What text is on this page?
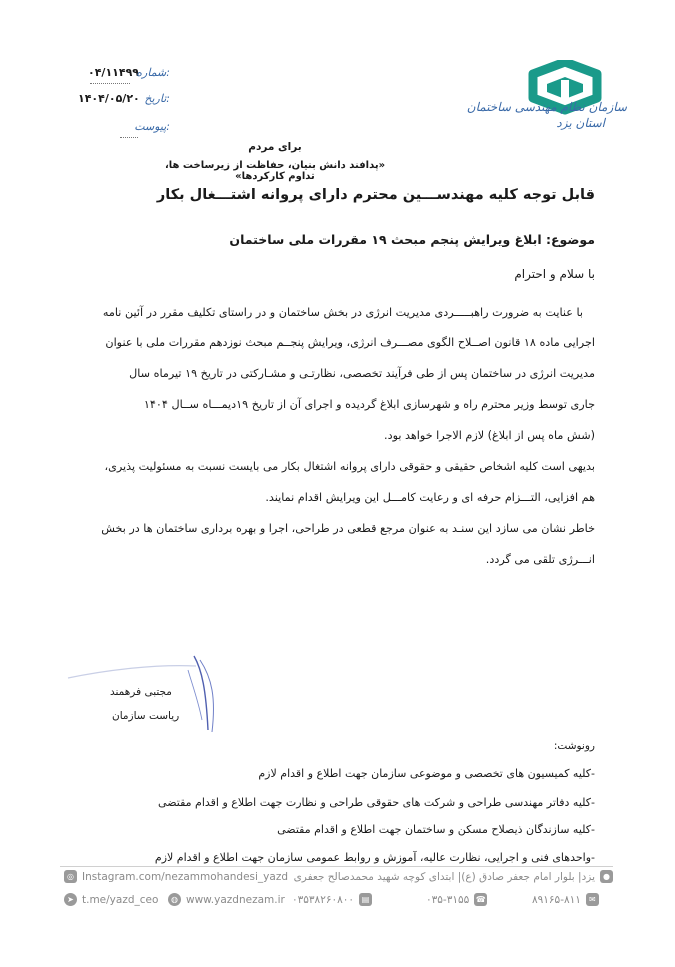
۰۴/۱۱۴۹۹
شماره:
۱۴۰۴/۰۵/۲۰ تاریخ:
پیوست:
سازمان نظام مهندسی ساختمان
استان یزد
برای مردم
«پدافند دانش بنیان، حفاظت از زیرساخت ها، تداوم کارکردها»
قابل توجه کلیه مهندســـین محترم دارای پروانه اشتـــغال بکار
موضوع: ابلاغ ویرایش پنجم مبحث ۱۹ مقررات ملی ساختمان
با سلام و احترام
با عنایت به ضرورت راهبـــــردی مدیریت انرژی در بخش ساختمان و در راستای تکلیف مقرر در آئین نامه
اجرایی ماده ۱۸ قانون اصــلاح الگوی مصـــرف انرژی، ویرایش پنجــم مبحث نوزدهم مقررات ملی با عنوان
مدیریت انرژی در ساختمان پس از طی فرآیند تخصصی، نظارتـی و مشـارکتی در تاریخ ۱۹ تیرماه سال
جاری توسط وزیر محترم راه و شهرسازی ابلاغ گردیده و اجرای آن از تاریخ ۱۹دیمـــاه ســال ۱۴۰۴
(شش ماه پس از ابلاغ) لازم الاجرا خواهد بود.
بدیهی است کلیه اشخاص حقیقی و حقوقی دارای پروانه اشتغال بکار می بایست نسبت به مسئولیت پذیری،
هم افزایی، التـــزام حرفه ای و رعایت کامـــل این ویرایش اقدام نمایند.
خاطر نشان می سازد این سنـد به عنوان مرجع قطعی در طراحی، اجرا و بهره برداری ساختمان ها در بخش
انـــرژی تلقی می گردد.
مجتبی فرهمند
ریاست سازمان
رونوشت:
-کلیه کمیسیون های تخصصی و موضوعی سازمان جهت اطلاع و اقدام لازم
-کلیه دفاتر مهندسی طراحی و شرکت های حقوقی طراحی و نظارت جهت اطلاع و اقدام مقتضی
-کلیه سازندگان ذیصلاح مسکن و ساختمان جهت اطلاع و اقدام مقتضی
-واحدهای فنی و اجرایی، نظارت عالیه، آموزش و روابط عمومی سازمان جهت اطلاع و اقدام لازم
◎ Instagram.com/nezammohandesi_yazd	●
یزد| بلوار امام جعفر صادق (ع)| ابتدای کوچه شهید محمدصالح جعفری
➤ t.me/yazd_ceo	◍ www.yazdnezam.ir ۰۳۵۳۸۲۶۰۸۰۰ ▤	۰۳۵-۳۱۵۵ ☎	۸۹۱۶۵-۸۱۱	✉
